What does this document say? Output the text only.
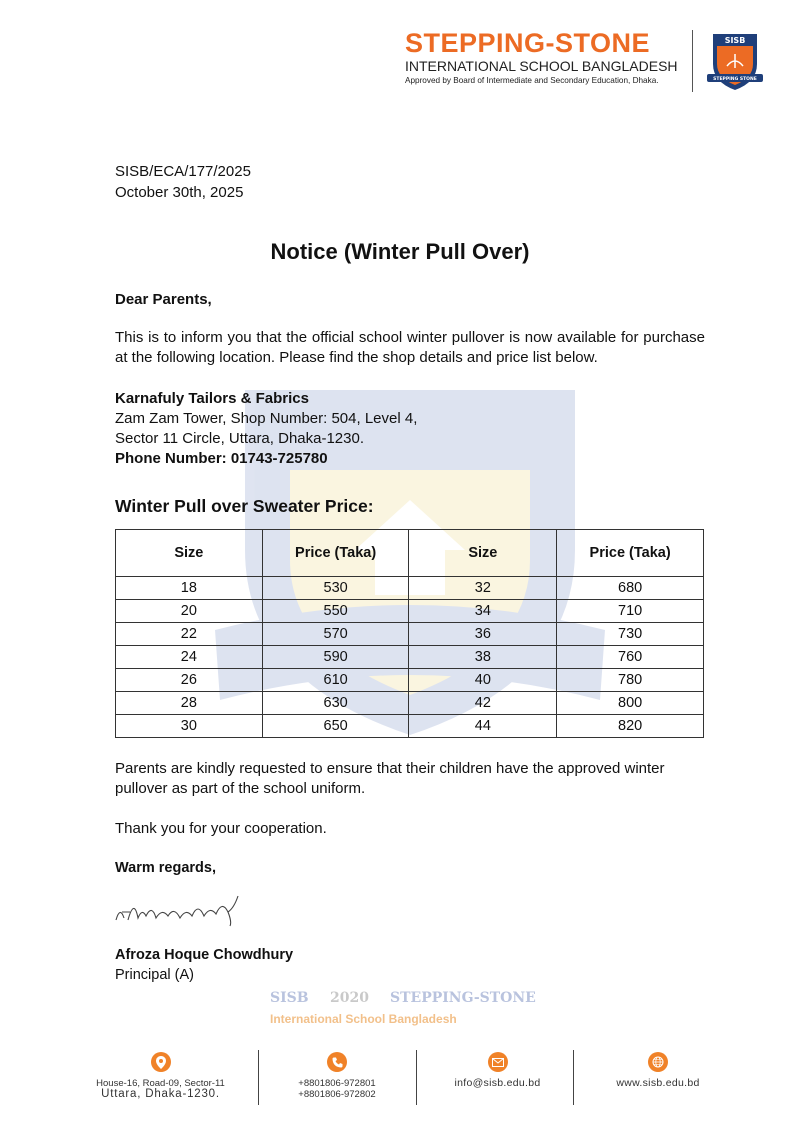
STEPPING-STONE
INTERNATIONAL SCHOOL BANGLADESH
Approved by Board of Intermediate and Secondary Education, Dhaka.
SISB
STEPPING STONE
SISB 2020 STEPPING-STONE
International School Bangladesh
SISB/ECA/177/2025
October 30th, 2025
Notice (Winter Pull Over)
Dear Parents,
This is to inform you that the official school winter pullover is now available for purchase at the following location. Please find the shop details and price list below.
Karnafuly Tailors & Fabrics
Zam Zam Tower, Shop Number: 504, Level 4,
Sector 11 Circle, Uttara, Dhaka-1230.
Phone Number: 01743-725780
Winter Pull over Sweater Price:
Size	Price (Taka)	Size	Price (Taka)
18	530	32	680
20	550	34	710
22	570	36	730
24	590	38	760
26	610	40	780
28	630	42	800
30	650	44	820
Parents are kindly requested to ensure that their children have the approved winter pullover as part of the school uniform.
Thank you for your cooperation.
Warm regards,
Afroza Hoque Chowdhury
Principal (A)
House-16, Road-09, Sector-11
Uttara, Dhaka-1230.
+8801806-972801
+8801806-972802
info@sisb.edu.bd	www.sisb.edu.bd
